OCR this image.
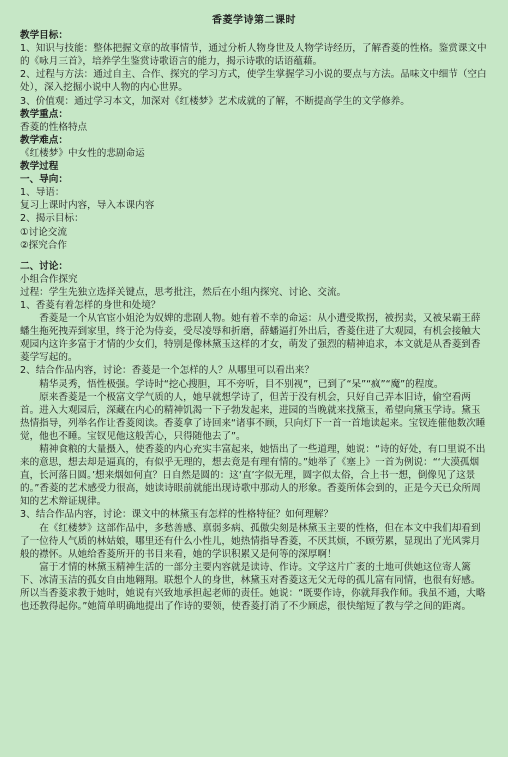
香菱学诗第二课时

教学目标：

1、知识与技能：整体把握文章的故事情节，通过分析人物身世及人物学诗经历，了解香菱的性格。鉴赏课文中的《咏月三首》，培养学生鉴赏诗歌语言的能力，揭示诗歌的话语蕴藉。

2、过程与方法：通过自主、合作、探究的学习方式，使学生掌握学习小说的要点与方法。品味文中细节（空白处），深入挖掘小说中人物的内心世界。

3、价值观：通过学习本文，加深对《红楼梦》艺术成就的了解，不断提高学生的文学修养。

教学重点：

香菱的性格特点

教学难点：

《红楼梦》中女性的悲剧命运

教学过程

一、导向：

1、导语：

复习上课时内容，导入本课内容

2、揭示目标：

①讨论交流

②探究合作

二、讨论：

小组合作探究

过程：学生先独立选择关键点，思考批注，然后在小组内探究、讨论、交流。

1、香菱有着怎样的身世和处境？

香菱是一个从官宦小姐沦为奴婢的悲剧人物。她有着不幸的命运：从小遭受欺拐，被拐卖，又被呆霸王薛蟠生拖死拽弄到家里，终于沦为侍妾，受尽凌辱和折磨，薛蟠逼打外出后，香菱住进了大观园，有机会接触大观园内这许多富于才情的少女们，特别是像林黛玉这样的才女，萌发了强烈的精神追求，本文就是从香菱到香菱学写起的。

2、结合作品内容，讨论：香菱是一个怎样的人？从哪里可以看出来？

精华灵秀，悟性极强。学诗时“挖心搜胆，耳不旁听，目不别视”，已到了“呆”“疯”“魔”的程度。

原来香菱是一个极富文学气质的人，她早就想学诗了，但苦于没有机会，只好自己弄本旧诗，偷空看两首。进入大观园后，深藏在内心的精神饥渴一下子勃发起来，进园的当晚就来找黛玉，希望向黛玉学诗。黛玉热情指导，列举名作让香菱阅读。香菱拿了诗回来“诸事不顾，只向灯下一首一首地读起来。宝钗连催他数次睡觉，他也不睡。宝钗见他这般苦心，只得随他去了”。

精神食粮的大量摄入，使香菱的内心充实丰富起来，她悟出了一些道理，她说：“诗的好处，有口里说不出来的意思，想去却是逼真的，有似乎无理的，想去竟是有理有情的。”她举了《塞上》一首为例说：“‘大漠孤烟直，长河落日圆。’想来烟如何直？日自然是圆的：这‘直’字似无理，圆字似太俗，合上书一想，倒像见了这景的。”香菱的艺术感受力很高，她读诗眼前就能出现诗歌中那动人的形象。香菱所体会到的，正是今天已众所周知的艺术辩证规律。

3、结合作品内容，讨论：课文中的林黛玉有怎样的性格特征？如何理解？

在《红楼梦》这部作品中，多愁善感、禀弱多病、孤傲尖刻是林黛玉主要的性格，但在本文中我们却看到了一位待人气质的林姑娘，哪里还有什么小性儿，她热情指导香菱，不厌其烦，不顾劳累，显现出了光风霁月般的襟怀。从她给香菱所开的书目来看，她的学识积累又是何等的深厚啊！

富于才情的林黛玉精神生活的一部分主要内容就是读诗、作诗。文学这片广袤的土地可供她这位寄人篱下、冰清玉洁的孤女自由地翱翔。联想个人的身世，林黛玉对香菱这无父无母的孤儿富有同情，也很有好感。所以当香菱求教于她时，她说有兴致地承担起老师的责任。她说：“既要作诗，你就拜我作师。我虽不通，大略也还教得起你。”她简单明确地提出了作诗的要领，使香菱打消了不少顾虑，很快缩短了教与学之间的距离。
